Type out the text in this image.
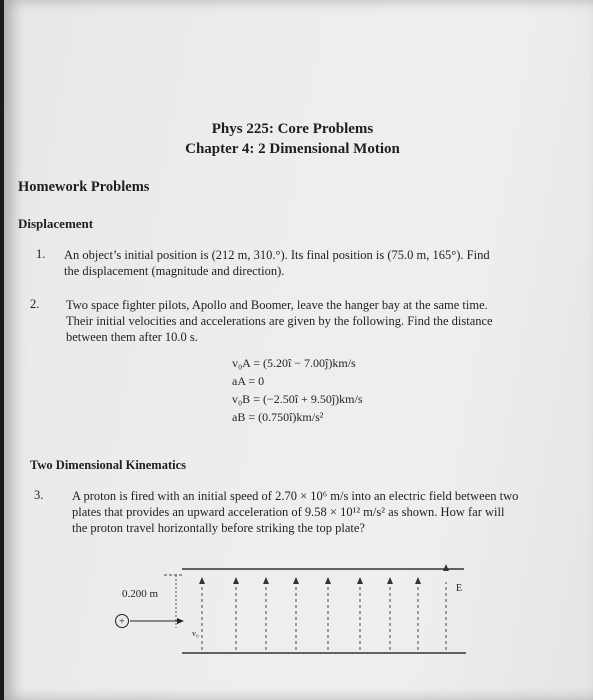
Phys 225: Core Problems
Chapter 4: 2 Dimensional Motion
Homework Problems
Displacement
1. An object’s initial position is (212 m, 310.°). Its final position is (75.0 m, 165°). Find
the displacement (magnitude and direction).
2. Two space fighter pilots, Apollo and Boomer, leave the hanger bay at the same time.
Their initial velocities and accelerations are given by the following. Find the distance
between them after 10.0 s.
v₀A = (5.20î − 7.00ĵ)km/s
aA = 0
v₀B = (−2.50î + 9.50ĵ)km/s
aB = (0.750î)km/s²
Two Dimensional Kinematics
3. A proton is fired with an initial speed of 2.70 × 10⁶ m/s into an electric field between two
plates that provides an upward acceleration of 9.58 × 10¹² m/s² as shown. How far will
the proton travel horizontally before striking the top plate?
0.200 m
+
v₀
E
